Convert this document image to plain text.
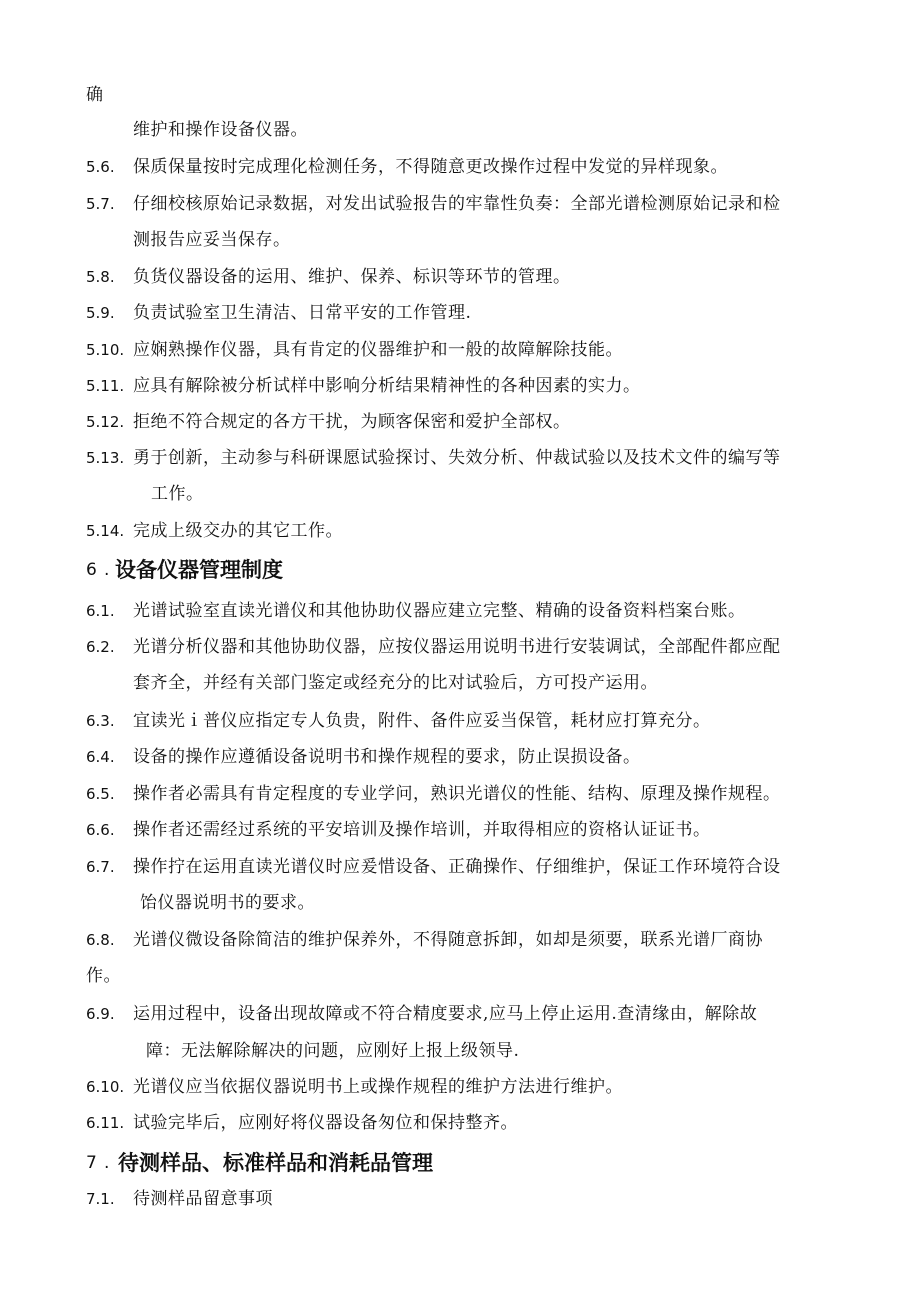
确
维护和操作设备仪器。
5.6. 保质保量按时完成理化检测任务，不得随意更改操作过程中发觉的异样现象。
5.7. 仔细校核原始记录数据，对发出试验报告的牢靠性负奏：全部光谱检测原始记录和检
测报告应妥当保存。
5.8. 负货仪器设备的运用、维护、保养、标识等环节的管理。
5.9. 负责试验室卫生清洁、日常平安的工作管理.
5.10. 应娴熟操作仪器，具有肯定的仪器维护和一般的故障解除技能。
5.11. 应具有解除被分析试样中影响分析结果精神性的各种因素的实力。
5.12. 拒绝不符合规定的各方干扰，为顾客保密和爱护全部权。
5.13. 勇于创新，主动参与科研课愿试验探讨、失效分析、仲裁试验以及技术文件的编写等
工作。
5.14. 完成上级交办的其它工作。
6 . 设备仪器管理制度
6.1. 光谱试验室直读光谱仪和其他协助仪器应建立完整、精确的设备资料档案台账。
6.2. 光谱分析仪器和其他协助仪器，应按仪器运用说明书进行安装调试，全部配件都应配
套齐全，并经有关部门鉴定或经充分的比对试验后，方可投产运用。
6.3. 宜读光ｉ普仪应指定专人负贵，附件、备件应妥当保管，耗材应打算充分。
6.4. 设备的操作应遵循设备说明书和操作规程的要求，防止误损设备。
6.5. 操作者必需具有肯定程度的专业学问，熟识光谱仪的性能、结构、原理及操作规程。
6.6. 操作者还需经过系统的平安培训及操作培训，并取得相应的资格认证证书。
6.7. 操作拧在运用直读光谱仪时应爰惜设备、正确操作、仔细维护，保证工作环境符合设
饴仪器说明书的要求。
6.8. 光谱仪微设备除简洁的维护保养外，不得随意拆卸，如却是须要，联系光谱厂商协
作。
6.9. 运用过程中，设备出现故障或不符合精度要求,应马上停止运用.查清缘由，解除故
障：无法解除解决的问题，应刚好上报上级领导.
6.10. 光谱仪应当依据仪器说明书上或操作规程的维护方法进行维护。
6.11. 试验完毕后，应刚好将仪器设备匆位和保持整齐。
7 . 待测样品、标准样品和消耗品管理
7.1. 待测样品留意事项
